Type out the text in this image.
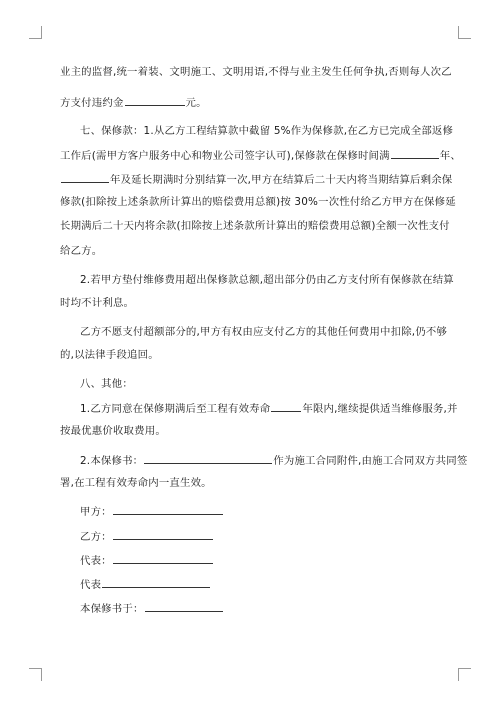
业主的监督,统一着装、文明施工、文明用语,不得与业主发生任何争执,否则每人次乙
方支付违约金	元。
七、保修款：1.从乙方工程结算款中截留 5%作为保修款,在乙方已完成全部返修
工作后(需甲方客户服务中心和物业公司签字认可),保修款在保修时间满	年、
年及延长期满时分别结算一次,甲方在结算后二十天内将当期结算后剩余保
修款(扣除按上述条款所计算出的赔偿费用总额)按 30%一次性付给乙方甲方在保修延
长期满后二十天内将余款(扣除按上述条款所计算出的赔偿费用总额)全额一次性支付
给乙方。
2.若甲方垫付维修费用超出保修款总额,超出部分仍由乙方支付所有保修款在结算
时均不计利息。
乙方不愿支付超额部分的,甲方有权由应支付乙方的其他任何费用中扣除,仍不够
的,以法律手段追回。
八、其他：
1.乙方同意在保修期满后至工程有效寿命	年限内,继续提供适当维修服务,并
按最优惠价收取费用。
2.本保修书：	作为施工合同附件,由施工合同双方共同签
署,在工程有效寿命内一直生效。
甲方：
乙方：
代表：
代表
本保修书于：
